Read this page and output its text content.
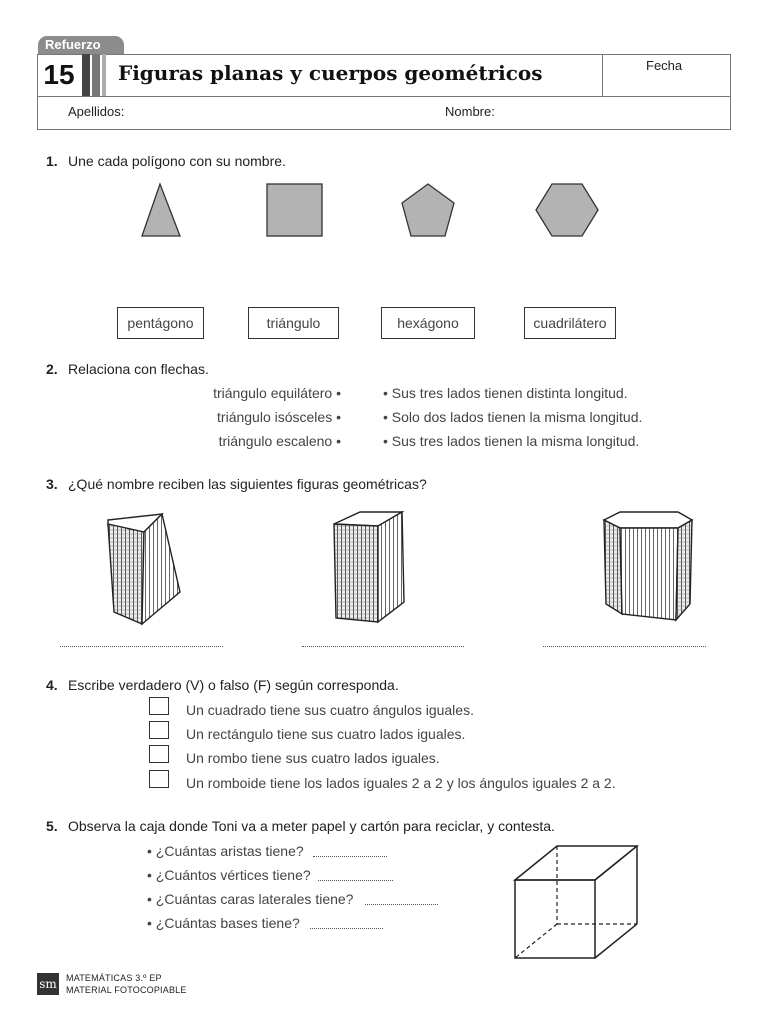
Refuerzo
15	Figuras planas y cuerpos geométricos	Fecha
Apellidos:	Nombre:
1. Une cada polígono con su nombre.
pentágono	triángulo	hexágono	cuadrilátero
2. Relaciona con flechas.
triángulo equilátero •
triángulo isósceles •
triángulo escaleno •
• Sus tres lados tienen distinta longitud.
• Solo dos lados tienen la misma longitud.
• Sus tres lados tienen la misma longitud.
3. ¿Qué nombre reciben las siguientes figuras geométricas?
4. Escribe verdadero (V) o falso (F) según corresponda.
Un cuadrado tiene sus cuatro ángulos iguales.
Un rectángulo tiene sus cuatro lados iguales.
Un rombo tiene sus cuatro lados iguales.
Un romboide tiene los lados iguales 2 a 2 y los ángulos iguales 2 a 2.
5. Observa la caja donde Toni va a meter papel y cartón para reciclar, y contesta.
• ¿Cuántas aristas tiene?
• ¿Cuántos vértices tiene?
• ¿Cuántas caras laterales tiene?
• ¿Cuántas bases tiene?
sm MATEMÁTICAS 3.º EP
MATERIAL FOTOCOPIABLE
